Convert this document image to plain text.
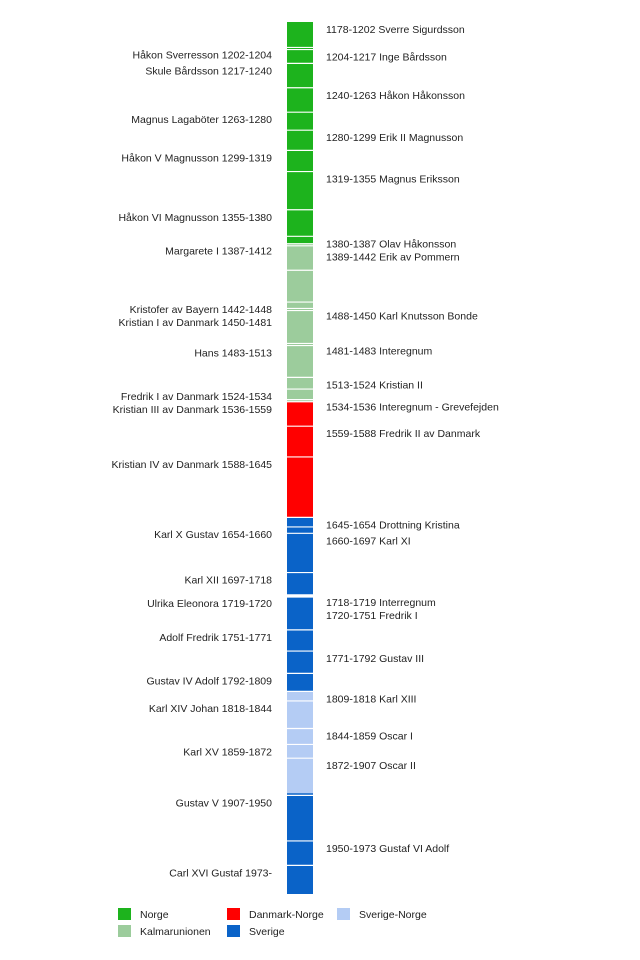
Håkon Sverresson 1202-1204
Skule Bårdsson 1217-1240
Magnus Lagaböter 1263-1280
Håkon V Magnusson 1299-1319
Håkon VI Magnusson 1355-1380
Margarete I 1387-1412
Kristofer av Bayern 1442-1448
Kristian I av Danmark 1450-1481
Hans 1483-1513
Fredrik I av Danmark 1524-1534
Kristian III av Danmark 1536-1559
Kristian IV av Danmark 1588-1645
Karl X Gustav 1654-1660
Karl XII 1697-1718
Ulrika Eleonora 1719-1720
Adolf Fredrik 1751-1771
Gustav IV Adolf 1792-1809
Karl XIV Johan 1818-1844
Karl XV 1859-1872
Gustav V 1907-1950
Carl XVI Gustaf 1973-
1178-1202 Sverre Sigurdsson
1204-1217 Inge Bårdsson
1240-1263 Håkon Håkonsson
1280-1299 Erik II Magnusson
1319-1355 Magnus Eriksson
1380-1387 Olav Håkonsson
1389-1442 Erik av Pommern
1488-1450 Karl Knutsson Bonde
1481-1483 Interegnum
1513-1524 Kristian II
1534-1536 Interegnum - Grevefejden
1559-1588 Fredrik II av Danmark
1645-1654 Drottning Kristina
1660-1697 Karl XI
1718-1719 Interregnum
1720-1751 Fredrik I
1771-1792 Gustav III
1809-1818 Karl XIII
1844-1859 Oscar I
1872-1907 Oscar II
1950-1973 Gustaf VI Adolf
Norge
Kalmarunionen
Danmark-Norge
Sverige
Sverige-Norge
